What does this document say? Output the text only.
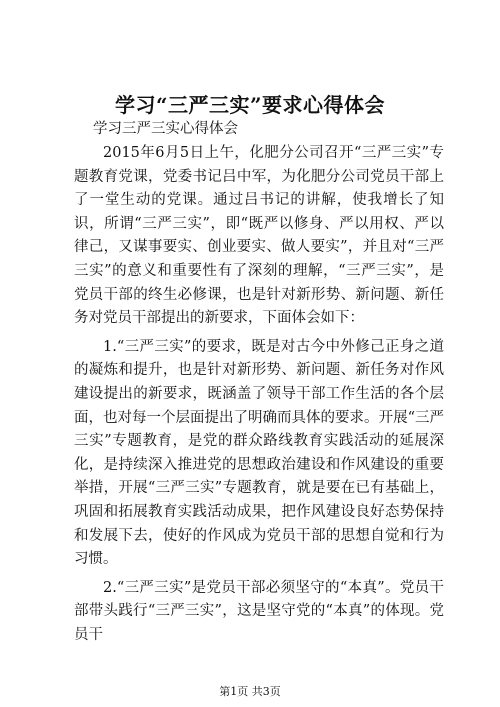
学习“三严三实”要求心得体会
学习三严三实心得体会

2015年6月5日上午，化肥分公司召开“三严三实”专题教育党课，党委书记吕中军，为化肥分公司党员干部上了一堂生动的党课。通过吕书记的讲解，使我增长了知识，所谓“三严三实”，即“既严以修身、严以用权、严以律己，又谋事要实、创业要实、做人要实”，并且对“三严三实”的意义和重要性有了深刻的理解，“三严三实”，是党员干部的终生必修课，也是针对新形势、新问题、新任务对党员干部提出的新要求，下面体会如下：

1.“三严三实”的要求，既是对古今中外修己正身之道的凝炼和提升，也是针对新形势、新问题、新任务对作风建设提出的新要求，既涵盖了领导干部工作生活的各个层面，也对每一个层面提出了明确而具体的要求。开展“三严三实”专题教育，是党的群众路线教育实践活动的延展深化，是持续深入推进党的思想政治建设和作风建设的重要举措，开展“三严三实”专题教育，就是要在已有基础上，巩固和拓展教育实践活动成果，把作风建设良好态势保持和发展下去，使好的作风成为党员干部的思想自觉和行为习惯。

2.“三严三实”是党员干部必须坚守的“本真”。党员干部带头践行“三严三实”，这是坚守党的“本真”的体现。党员干

第1页 共3页
